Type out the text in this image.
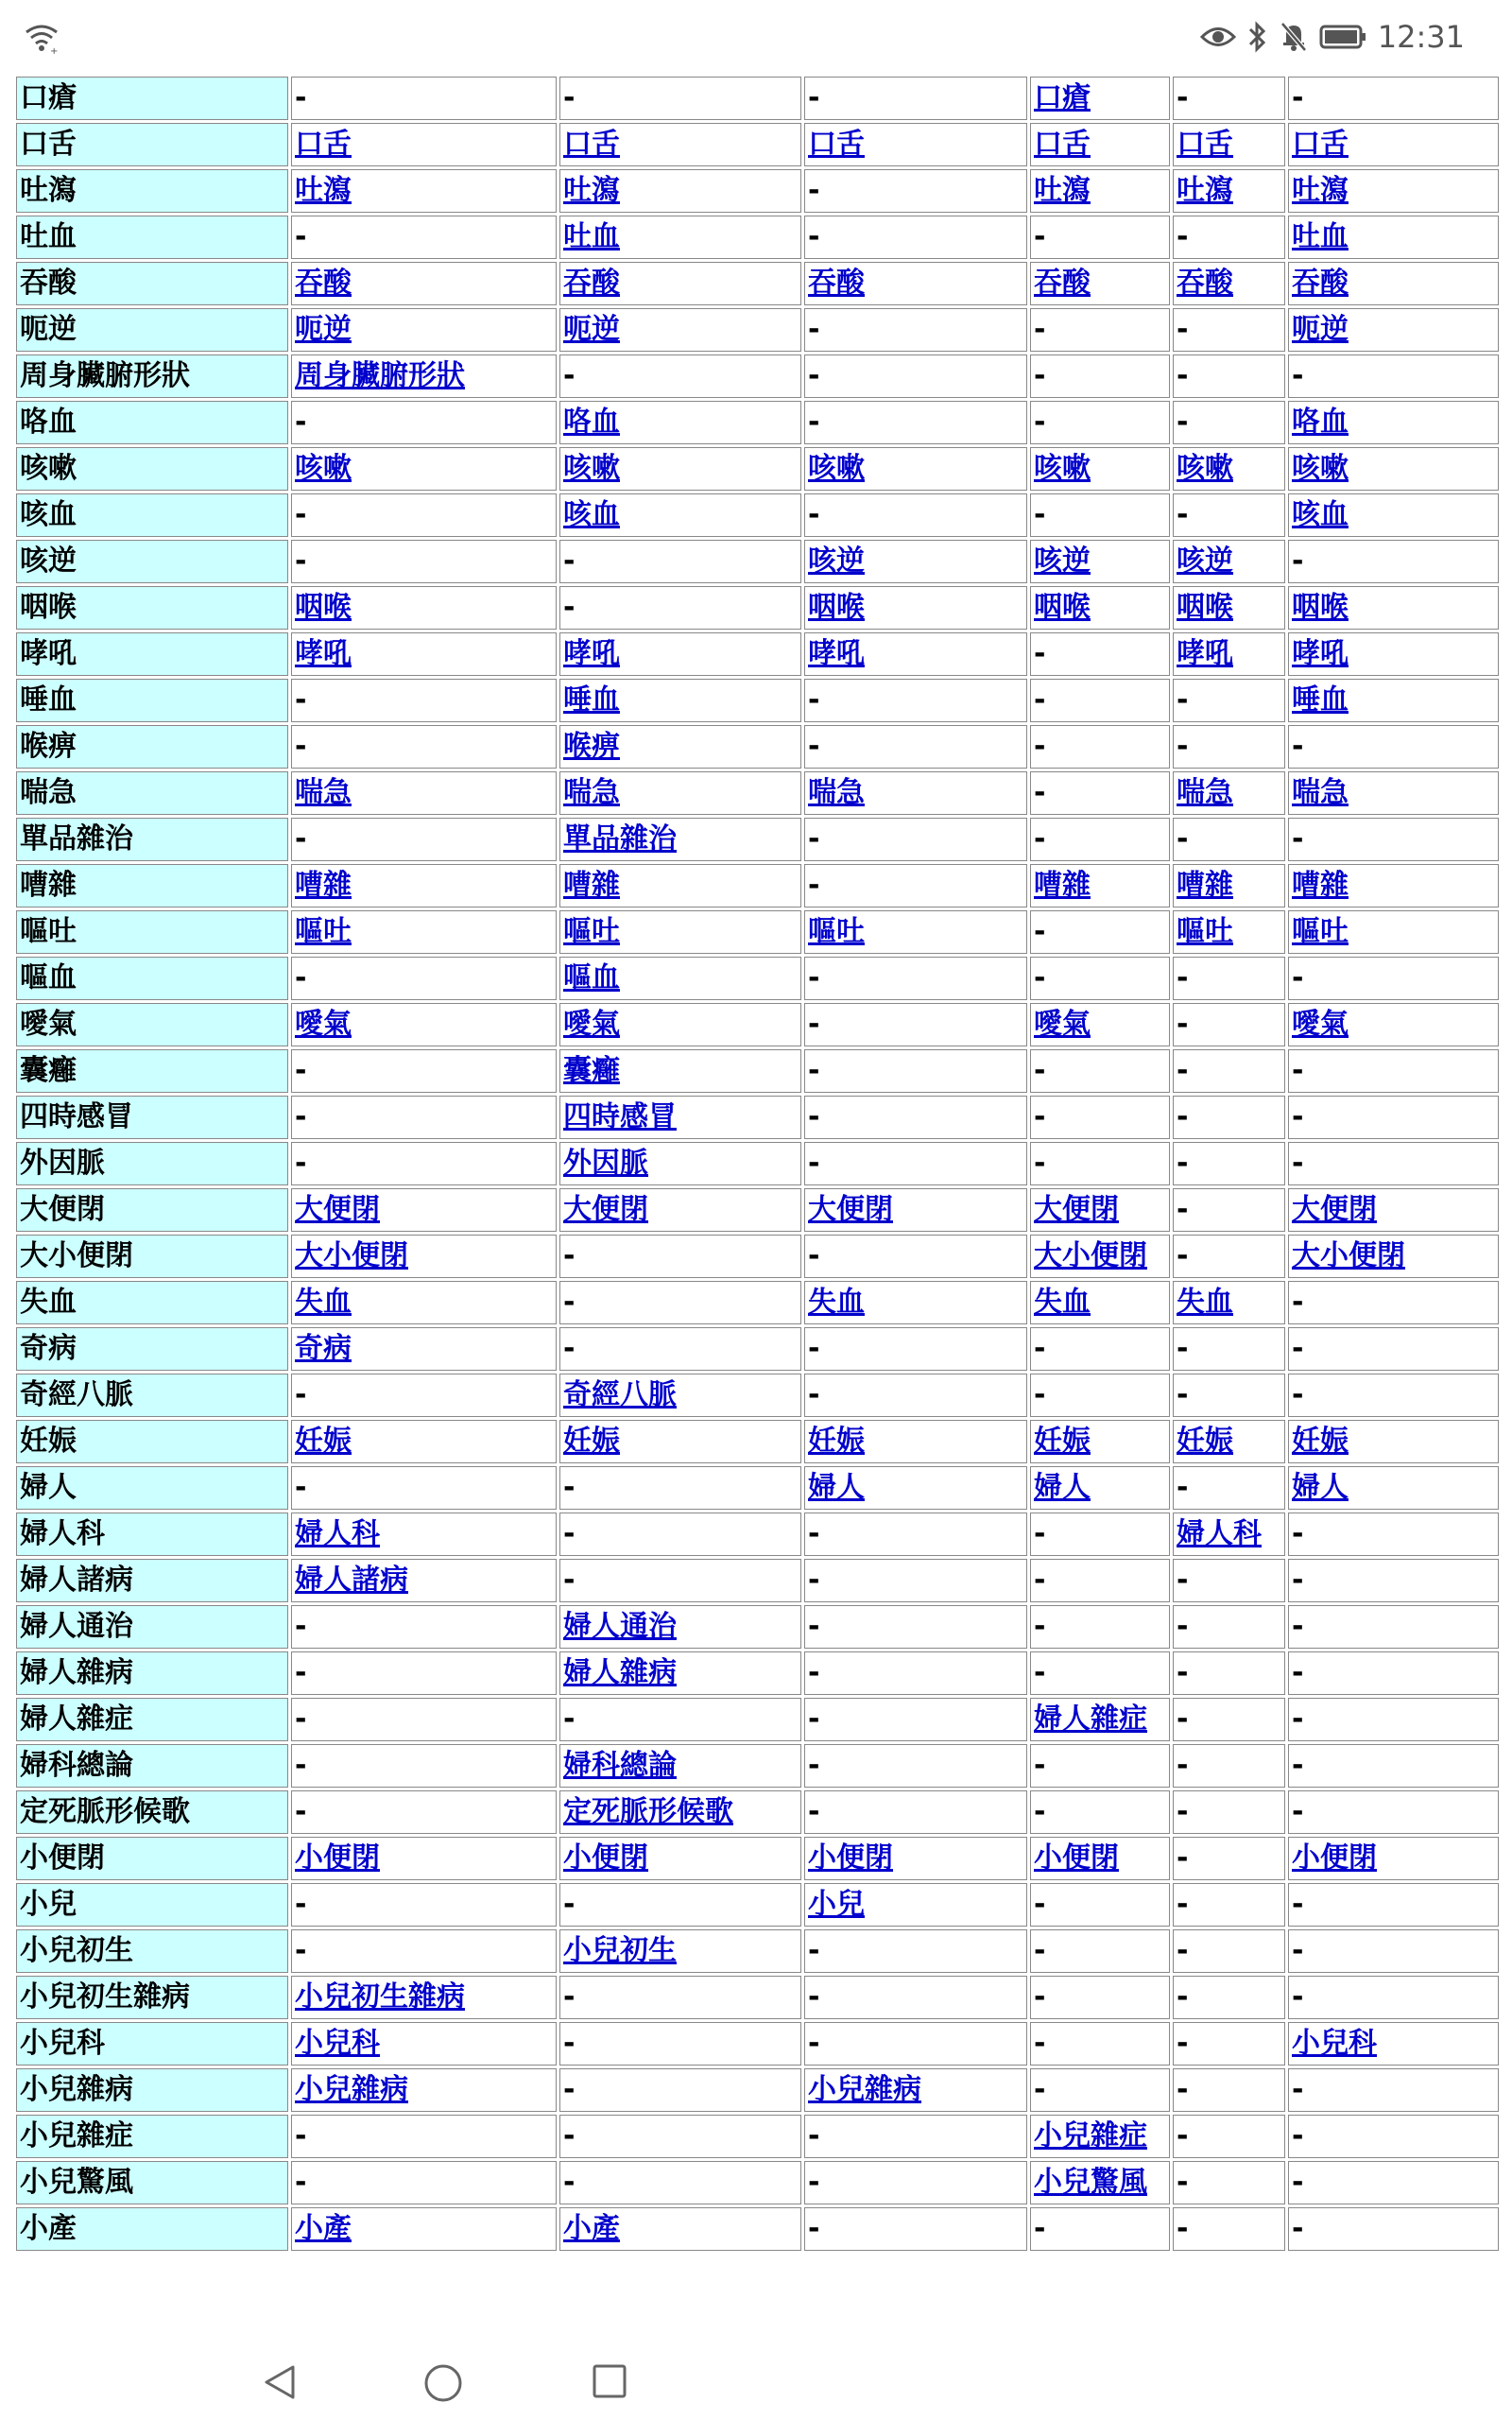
+	12:31
口瘡	-	-	-	口瘡	-	-
口舌	口舌	口舌	口舌	口舌	口舌	口舌
吐瀉	吐瀉	吐瀉	-	吐瀉	吐瀉	吐瀉
吐血	-	吐血	-	-	-	吐血
吞酸	吞酸	吞酸	吞酸	吞酸	吞酸	吞酸
呃逆	呃逆	呃逆	-	-	-	呃逆
周身臟腑形狀	周身臟腑形狀	-	-	-	-	-
咯血	-	咯血	-	-	-	咯血
咳嗽	咳嗽	咳嗽	咳嗽	咳嗽	咳嗽	咳嗽
咳血	-	咳血	-	-	-	咳血
咳逆	-	-	咳逆	咳逆	咳逆	-
咽喉	咽喉	-	咽喉	咽喉	咽喉	咽喉
哮吼	哮吼	哮吼	哮吼	-	哮吼	哮吼
唾血	-	唾血	-	-	-	唾血
喉痹	-	喉痹	-	-	-	-
喘急	喘急	喘急	喘急	-	喘急	喘急
單品雜治	-	單品雜治	-	-	-	-
嘈雜	嘈雜	嘈雜	-	嘈雜	嘈雜	嘈雜
嘔吐	嘔吐	嘔吐	嘔吐	-	嘔吐	嘔吐
嘔血	-	嘔血	-	-	-	-
噯氣	噯氣	噯氣	-	噯氣	-	噯氣
囊癰	-	囊癰	-	-	-	-
四時感冒	-	四時感冒	-	-	-	-
外因脈	-	外因脈	-	-	-	-
大便閉	大便閉	大便閉	大便閉	大便閉	-	大便閉
大小便閉	大小便閉	-	-	大小便閉	-	大小便閉
失血	失血	-	失血	失血	失血	-
奇病	奇病	-	-	-	-	-
奇經八脈	-	奇經八脈	-	-	-	-
妊娠	妊娠	妊娠	妊娠	妊娠	妊娠	妊娠
婦人	-	-	婦人	婦人	-	婦人
婦人科	婦人科	-	-	-	婦人科	-
婦人諸病	婦人諸病	-	-	-	-	-
婦人通治	-	婦人通治	-	-	-	-
婦人雜病	-	婦人雜病	-	-	-	-
婦人雜症	-	-	-	婦人雜症	-	-
婦科總論	-	婦科總論	-	-	-	-
定死脈形候歌	-	定死脈形候歌	-	-	-	-
小便閉	小便閉	小便閉	小便閉	小便閉	-	小便閉
小兒	-	-	小兒	-	-	-
小兒初生	-	小兒初生	-	-	-	-
小兒初生雜病	小兒初生雜病	-	-	-	-	-
小兒科	小兒科	-	-	-	-	小兒科
小兒雜病	小兒雜病	-	小兒雜病	-	-	-
小兒雜症	-	-	-	小兒雜症	-	-
小兒驚風	-	-	-	小兒驚風	-	-
小產	小產	小產	-	-	-	-
